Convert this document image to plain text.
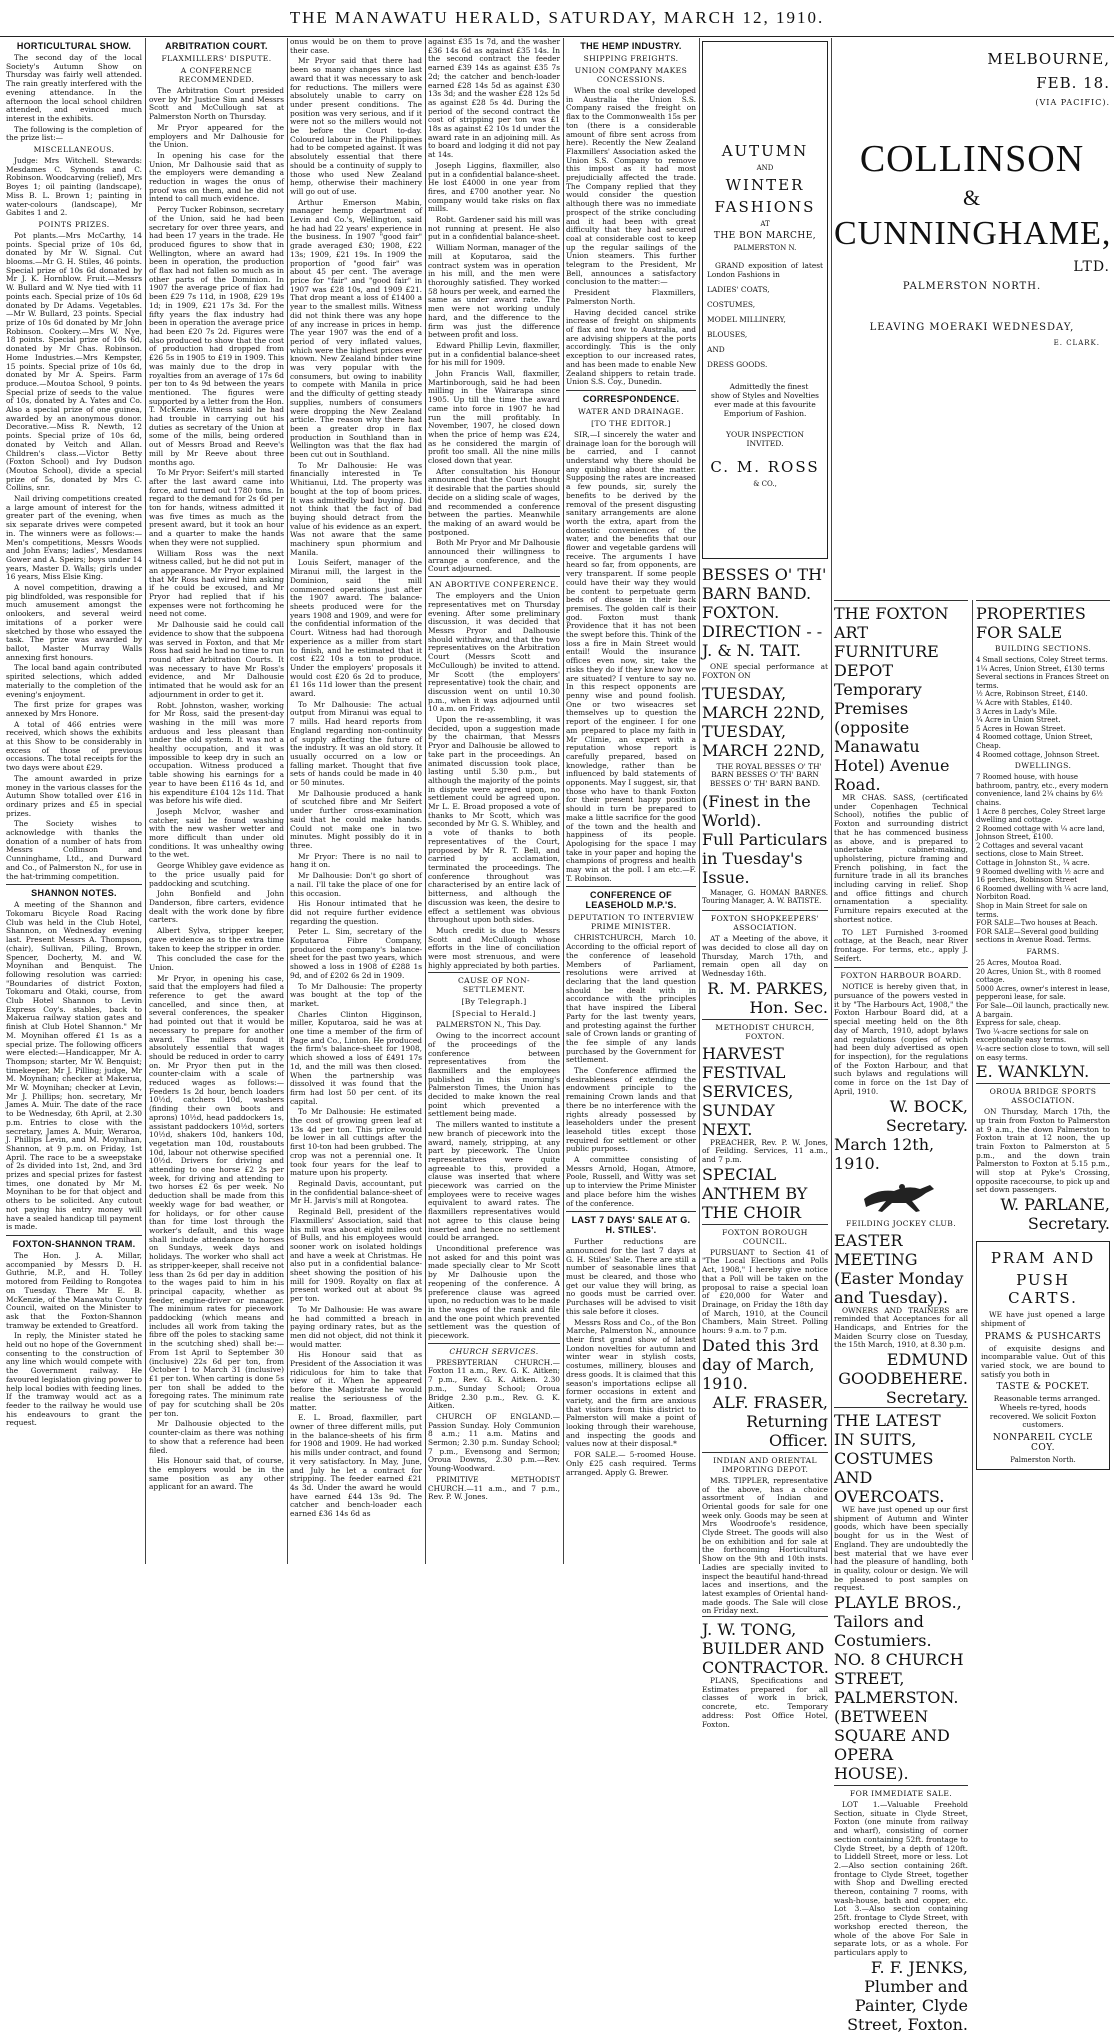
THE MANAWATU HERALD, SATURDAY, MARCH 12, 1910.
HORTICULTURAL SHOW.

The second day of the local Society's Autumn Show on Thursday was fairly well attended. The rain greatly interfered with the evening attendance. In the afternoon the local school children attended, and evinced much interest in the exhibits.

The following is the completion of the prize list:—

MISCELLANEOUS.

Judge: Mrs Witchell. Stewards: Mesdames C. Symonds and C. Robinson. Woodcarving (relief), Mrs Boyes 1; oil painting (landscape), Miss B. L. Brown 1; painting in water-colours (landscape), Mr Gabites 1 and 2.

POINTS PRIZES.

Pot plants.—Mrs McCarthy, 14 points. Special prize of 10s 6d, donated by Mr W. Signal. Cut blooms.—Mr G. H. Stiles, 46 points. Special prize of 10s 6d donated by Mr J. K. Hornblow. Fruit.—Messrs W. Bullard and W. Nye tied with 11 points each. Special prize of 10s 6d donated by Dr Adams. Vegetables.—Mr W. Bullard, 23 points. Special prize of 10s 6d donated by Mr John Robinson. Cookery.—Mrs W. Nye, 18 points. Special prize of 10s 6d, donated by Mr Chas. Robinson. Home Industries.—Mrs Kempster, 15 points. Special prize of 10s 6d, donated by Mr A. Speirs. Farm produce.—Moutoa School, 9 points. Special prize of seeds to the value of 10s, donated by A. Yates and Co. Also a special prize of one guinea, awarded by an anonymous donor. Decorative.—Miss R. Newth, 12 points. Special prize of 10s 6d, donated by Veitch and Allan. Children's class.—Victor Betty (Foxton School) and Ivy Dudson (Moutoa School), divide a special prize of 5s, donated by Mrs C. Collins, snr.

Nail driving competitions created a large amount of interest for the greater part of the evening, when six separate drives were competed in. The winners were as follows:—Men's competitions, Messrs Woods and John Evans; ladies', Mesdames Gower and A. Speirs; boys under 14 years, Master D. Walls; girls under 16 years, Miss Elsie King.

A novel competition, drawing a pig blindfolded, was responsible for much amusement amongst the onlookers, and several weird imitations of a porker were sketched by those who essayed the task. The prize was awarded by ballot, Master Murray Walls annexing first honours.

The local band again contributed spirited selections, which added materially to the completion of the evening's enjoyment.

The first prize for grapes was annexed by Mrs Honore.

A total of 466 entries were received, which shows the exhibits at this Show to be considerably in excess of those of previous occasions. The total receipts for the two days were about £29.

The amount awarded in prize money in the various classes for the Autumn Show totalled over £16 in ordinary prizes and £5 in special prizes.

The Society wishes to acknowledge with thanks the donation of a number of hats from Messrs Collinson and Cunninghame, Ltd., and Durward and Co., of Palmerston N., for use in the hat-trimming competition.

SHANNON NOTES.

A meeting of the Shannon and Tokomaru Bicycle Road Racing Club was held in the Club Hotel, Shannon, on Wednesday evening last. Present Messrs A. Thompson, (chair), Sullivan, Pilling, Brown, Spencer, Docherty, M. and W. Moynihan and Benquist. The following resolution was carried: "Boundaries of district Foxton, Tokomaru and Otaki, course, from Club Hotel Shannon to Levin Express Coy's. stables, back to Makerua railway station gates and finish at Club Hotel Shannon." Mr M. Moynihan offered £1 1s as a special prize. The following officers were elected:—Handicapper, Mr A. Thompson; starter, Mr W. Benquist; timekeeper, Mr J. Pilling; judge, Mr M. Moynihan; checker at Makerua, Mr W. Moynihan; checker at Levin, Mr J. Phillips; hon. secretary, Mr James A. Muir. The date of the race to be Wednesday, 6th April, at 2.30 p.m. Entries to close with the secretary, James A. Muir, Weraroa, J. Phillips Levin, and M. Moynihan, Shannon, at 9 p.m. on Friday, 1st April. The race to be a sweepstake of 2s divided into 1st, 2nd, and 3rd prizes and special prizes for fastest times, one donated by Mr M. Moynihan to be for that object and others to be solicited. Any cutout not paying his entry money will have a sealed handicap till payment is made.

FOXTON-SHANNON TRAM.

The Hon. J. A. Millar, accompanied by Messrs D. H. Guthrie, M.P., and H. Tolley motored from Feilding to Rongotea on Tuesday. There Mr E. B. McKenzie, of the Manawatu County Council, waited on the Minister to ask that the Foxton-Shannon tramway be extended to Greatford.

In reply, the Minister stated he held out no hope of the Government consenting to the construction of any line which would compete with the Government railway. He favoured legislation giving power to help local bodies with feeding lines. If the tramway would act as a feeder to the railway he would use his endeavours to grant the request.

ARBITRATION COURT.
FLAXMILLERS' DISPUTE.
A CONFERENCE RECOMMENDED.

The Arbitration Court presided over by Mr Justice Sim and Messrs Scott and McCullough sat at Palmerston North on Thursday.

Mr Pryor appeared for the employers and Mr Dalhousie for the Union.

In opening his case for the Union, Mr Dalhousie said that as the employers were demanding a reduction in wages the onus of proof was on them, and he did not intend to call much evidence.

Percy Tucker Robinson, secretary of the Union, said he had been secretary for over three years, and had been 17 years in the trade. He produced figures to show that in Wellington, where an award had been in operation, the production of flax had not fallen so much as in other parts of the Dominion. In 1907 the average price of flax had been £29 7s 11d, in 1908, £29 19s 1d; in 1909, £21 17s 3d. For the fifty years the flax industry had been in operation the average price had been £20 7s 2d. Figures were also produced to show that the cost of production had dropped from £26 5s in 1905 to £19 in 1909. This was mainly due to the drop in royalties from an average of 17s 6d per ton to 4s 9d between the years mentioned. The figures were supported by a letter from the Hon. T. McKenzie. Witness said he had had trouble in carrying out his duties as secretary of the Union at some of the mills, being ordered out of Messrs Broad and Reeve's mill by Mr Reeve about three months ago.

To Mr Pryor: Seifert's mill started after the last award came into force, and turned out 1780 tons. In regard to the demand for 2s 6d per ton for hands, witness admitted it was five times as much as the present award, but it took an hour and a quarter to make the hands when they were not supplied.

William Ross was the next witness called, but he did not put in an appearance. Mr Pryor explained that Mr Ross had wired him asking if he could be excused, and Mr Pryor had replied that if his expenses were not forthcoming he need not come.

Mr Dalhousie said he could call evidence to show that the subpoena was served in Foxton, and that Mr Ross had said he had no time to run round after Arbitration Courts. It was necessary to have Mr Ross's evidence, and Mr Dalhousie intimated that he would ask for an adjournment in order to get it.

Robt. Johnston, washer, working for Mr Ross, said the present-day washing in the mill was more arduous and less pleasant than under the old system. It was not a healthy occupation, and it was impossible to keep dry in such an occupation. Witness produced a table showing his earnings for a year to have been £116 4s 1d, and his expenditure £104 12s 11d. That was before his wife died.

Joseph McIvor, washer and catcher, said he found washing with the new washer wetter and more difficult than under old conditions. It was unhealthy owing to the wet.

George Whibley gave evidence as to the price usually paid for paddocking and scutching.

John Bonfield and John Danderson, fibre carters, evidence dealt with the work done by fibre carters.

Albert Sylva, stripper keeper, gave evidence as to the extra time taken to keep the stripper in order.

This concluded the case for the Union.

Mr Pryor, in opening his case, said that the employers had filed a reference to get the award cancelled, and since then, at several conferences, the speaker had pointed out that it would be necessary to prepare for another award. The millers found it absolutely essential that wages should be reduced in order to carry on. Mr Pryor then put in the counter-claim with a scale of reduced wages as follows:— Feeders 1s 2d hour, bench loaders 10½d, catchers 10d, washers (finding their own boots and aprons) 10½d, head paddockers 1s, assistant paddockers 10½d, sorters 10½d, shakers 10d, hankers 10d, vegetation man 10d, roustabouts 10d, labour not otherwise specified 10½d. Drivers for driving and attending to one horse £2 2s per week, for driving and attending to two horses £2 6s per week. No deduction shall be made from this weekly wage for bad weather, or for holidays, or for other cause than for time lost through the worker's default, and this wage shall include attendance to horses on Sundays, week days and holidays. The worker who shall act as stripper-keeper, shall receive not less than 2s 6d per day in addition to the wages paid to him in his principal capacity, whether as feeder, engine-driver or manager. The minimum rates for piecework paddocking (which means and includes all work from taking the fibre off the poles to stacking same in the scutching shed) shall be:—From 1st April to September 30 (inclusive) 22s 6d per ton, from October 1 to March 31 (inclusive) £1 per ton. When carting is done 5s per ton shall be added to the foregoing rates. The minimum rate of pay for scutching shall be 20s per ton.

Mr Dalhousie objected to the counter-claim as there was nothing to show that a reference had been filed.

His Honour said that, of course, the employers would be in the same position as any other applicant for an award. The

onus would be on them to prove their case.

Mr Pryor said that there had been so many changes since last award that it was necessary to ask for reductions. The millers were absolutely unable to carry on under present conditions. The position was very serious, and if it were not so the millers would not be before the Court to-day. Coloured labour in the Philippines had to be competed against. It was absolutely essential that there should be a continuity of supply to those who used New Zealand hemp, otherwise their machinery will go out of use.

Arthur Emerson Mabin, manager hemp department of Levin and Co.'s, Wellington, said he had had 22 years' experience in the business. In 1907 "good fair" grade averaged £30; 1908, £22 13s; 1909, £21 19s. In 1909 the proportion of "good fair" was about 45 per cent. The average price for "fair" and "good fair" in 1907 was £28 10s, and 1909 £21. That drop meant a loss of £1400 a year to the smallest mills. Witness did not think there was any hope of any increase in prices in hemp. The year 1907 was the end of a period of very inflated values, which were the highest prices ever known. New Zealand binder twine was very popular with the consumers, but owing to inability to compete with Manila in price and the difficulty of getting steady supplies, numbers of consumers were dropping the New Zealand article. The reason why there had been a greater drop in flax production in Southland than in Wellington was that the flax had been cut out in Southland.

To Mr Dalhousie: He was financially interested in Te Whitianui, Ltd. The property was bought at the top of boom prices. It was admittedly bad buying. Did not think that the fact of bad buying should detract from the value of his evidence as an expert. Was not aware that the same machinery spun phormium and Manila.

Louis Seifert, manager of the Miranui mill, the largest in the Dominion, said the mill commenced operations just after the 1907 award. The balance-sheets produced were for the years 1908 and 1909, and were for the confidential information of the Court. Witness had had thorough experience as a miller from start to finish, and he estimated that it cost £22 10s a ton to produce. Under the employers' proposals it would cost £20 6s 2d to produce, £1 16s 11d lower than the present award.

To Mr Dalhousie: The actual output from Miranui was equal to 7 mills. Had heard reports from England regarding non-continuity of supply affecting the future of the industry. It was an old story. It usually occurred on a low or falling market. Thought that five sets of hands could be made in 40 or 50 minutes.

Mr Dalhousie produced a hank of scutched fibre and Mr Seifert under further cross-examination said that he could make hands. Could not make one in two minutes. Might possibly do it in three.

Mr Pryor: There is no nail to hang it on.

Mr Dalhousie: Don't go short of a nail. I'll take the place of one for this occasion.

His Honour intimated that he did not require further evidence regarding the question.

Peter L. Sim, secretary of the Koputaroa Fibre Company, produced the company's balance-sheet for the past two years, which showed a loss in 1908 of £288 1s 9d, and of £202 6s 2d in 1909.

To Mr Dalhousie: The property was bought at the top of the market.

Charles Clinton Higginson, miller, Koputaroa, said he was at one time a member of the firm of Page and Co., Linton. He produced the firm's balance-sheet for 1908, which showed a loss of £491 17s 1d, and the mill was then closed. When the partnership was dissolved it was found that the firm had lost 50 per cent. of its capital.

To Mr Dalhousie: He estimated the cost of growing green leaf at 13s 4d per ton. This price would be lower in all cuttings after the first 10-ton had been grubbed. The crop was not a perennial one. It took four years for the leaf to mature upon his property.

Reginald Davis, accountant, put in the confidential balance-sheet of Mr H. Jarvis's mill at Rongotea.

Reginald Bell, president of the Flaxmillers' Association, said that his mill was about eight miles out of Bulls, and his employees would sooner work on isolated holdings and have a week at Christmas. He also put in a confidential balance-sheet showing the position of his mill for 1909. Royalty on flax at present worked out at about 9s per ton.

To Mr Dalhousie: He was aware he had committed a breach in paying ordinary rates, but as the men did not object, did not think it would matter.

His Honour said that as President of the Association it was ridiculous for him to take that view of it. When he appeared before the Magistrate he would realise the seriousness of the matter.

E. L. Broad, flaxmiller, part owner of three different mills, put in the balance-sheets of his firm for 1908 and 1909. He had worked his mills under contract, and found it very satisfactory. In May, June, and July he let a contract for stripping. The feeder earned £21 4s 3d. Under the award he would have earned £44 13s 9d. The catcher and bench-loader each earned £36 14s 6d as

against £35 1s 7d, and the washer £36 14s 6d as against £35 14s. In the second contract the feeder earned £39 14s as against £35 7s 2d; the catcher and bench-loader earned £28 14s 5d as against £30 13s 3d; and the washer £28 12s 5d as against £28 5s 4d. During the period of the second contract the cost of stripping per ton was £1 18s as against £2 10s 1d under the award rate in an adjoining mill. As to board and lodging it did not pay at 14s.

Joseph Liggins, flaxmiller, also put in a confidential balance-sheet. He lost £4000 in one year from fires, and £700 another year. No company would take risks on flax mills.

Robt. Gardener said his mill was not running at present. He also put in a confidential balance-sheet.

William Norman, manager of the mill at Koputaroa, said the contract system was in operation in his mill, and the men were thoroughly satisfied. They worked 58 hours per week, and earned the same as under award rate. The men were not working unduly hard, and the difference to the firm was just the difference between profit and loss.

Edward Phillip Levin, flaxmiller, put in a confidential balance-sheet for his mill for 1909.

John Francis Wall, flaxmiller, Martinborough, said he had been milling in the Wairarapa since 1905. Up till the time the award came into force in 1907 he had run the mill profitably. In November, 1907, he closed down when the price of hemp was £24, as he considered the margin of profit too small. All the nine mills closed down that year.

After consultation his Honour announced that the Court thought it desirable that the parties should decide on a sliding scale of wages, and recommended a conference between the parties. Meanwhile the making of an award would be postponed.

Both Mr Pryor and Mr Dalhousie announced their willingness to arrange a conference, and the Court adjourned.

AN ABORTIVE CONFERENCE.

The employers and the Union representatives met on Thursday evening. After some preliminary discussion, it was decided that Messrs Pryor and Dalhousie should withdraw, and that the two representatives on the Arbitration Court (Messrs Scott and McCullough) be invited to attend. Mr Scott (the employers' representative) took the chair, and discussion went on until 10.30 p.m., when it was adjourned until 10 a.m. on Friday.

Upon the re-assembling, it was decided, upon a suggestion made by the chairman, that Messrs Pryor and Dalhousie be allowed to take part in the proceedings. An animated discussion took place, lasting until 5.30 p.m., but although the majority of the points in dispute were agreed upon, no settlement could be agreed upon. Mr L. E. Broad proposed a vote of thanks to Mr Scott, which was seconded by Mr G. S. Whibley, and a vote of thanks to both representatives of the Court, proposed by Mr R. T. Bell, and carried by acclamation, terminated the proceedings. The conference throughout was characterised by an entire lack of bitterness, and although the discussion was keen, the desire to effect a settlement was obvious throughout upon both sides.

Much credit is due to Messrs Scott and McCullough whose efforts in the line of conciliation were most strenuous, and were highly appreciated by both parties.

CAUSE OF NON-SETTLEMENT.
[By Telegraph.]
[Special to Herald.]

PALMERSTON N., This Day.

Owing to the incorrect account of the proceedings of the conference between representatives from the flaxmillers and the employees published in this morning's Palmerston Times, the Union has decided to make known the real point which prevented a settlement being made.

The millers wanted to institute a new branch of piecework into the award, namely, stripping, at any part by piecework. The Union representatives were quite agreeable to this, provided a clause was inserted that where piecework was carried on the employees were to receive wages equivalent to award rates. The flaxmillers representatives would not agree to this clause being inserted and hence no settlement could be arranged.

Unconditional preference was not asked for and this point was made specially clear to Mr Scott by Mr Dalhousie upon the reopening of the conference. A preference clause was agreed upon, no reduction was to be made in the wages of the rank and file and the one point which prevented settlement was the question of piecework.

CHURCH SERVICES.

PRESBYTERIAN CHURCH.—Foxton 11 a.m., Rev. G. K. Aitken; 7 p.m., Rev. G. K. Aitken. 2.30 p.m., Sunday School; Oroua Bridge 2.30 p.m., Rev. G. K. Aitken.

CHURCH OF ENGLAND.—Passion Sunday. Holy Communion 8 a.m.; 11 a.m. Matins and Sermon; 2.30 p.m. Sunday School; 7 p.m., Evensong and Sermon; Oroua Downs, 2.30 p.m.—Rev. Young-Woodward.

PRIMITIVE METHODIST CHURCH.—11 a.m., and 7 p.m., Rev. P. W. Jones.

THE HEMP INDUSTRY.
SHIPPING FREIGHTS.
UNION COMPANY MAKES CONCESSIONS.

When the coal strike developed in Australia the Union S.S. Company raised the freight on flax to the Commonwealth 15s per ton (there is a considerable amount of fibre sent across from here). Recently the New Zealand Flaxmillers' Association asked the Union S.S. Company to remove this impost as it had most prejudicially affected the trade. The Company replied that they would consider the question although there was no immediate prospect of the strike concluding and it had been with great difficulty that they had secured coal at considerable cost to keep up the regular sailings of the Union steamers. This further telegram to the President, Mr Bell, announces a satisfactory conclusion to the matter:—

President Flaxmillers, Palmerston North.

Having decided cancel strike increase of freight on shipments of flax and tow to Australia, and are advising shippers at the ports accordingly. This is the only exception to our increased rates, and has been made to enable New Zealand shippers to retain trade. Union S.S. Coy., Dunedin.

CORRESPONDENCE.
WATER AND DRAINAGE.
[TO THE EDITOR.]

SIR,—I sincerely the water and drainage loan for the borough will be carried, and I cannot understand why there should be any quibbling about the matter. Supposing the rates are increased a few pounds, sir, surely the benefits to be derived by the removal of the present disgusting sanitary arrangements are alone worth the extra, apart from the domestic conveniences of the water, and the benefits that our flower and vegetable gardens will receive. The arguments I have heard so far, from opponents, are very transparent. If some people could have their way they would be content to perpetuate germ beds of disease in their back premises. The golden calf is their god. Foxton must thank Providence that it has not been the swept before this. Think of the loss a fire in Main Street would entail! Would the insurance offices even now, sir, take the risks they do if they knew how we are situated? I venture to say no. In this respect opponents are penny wise and pound foolish. One or two wiseacres set themselves up to question the report of the engineer. I for one am prepared to place my faith in Mr Climie, an expert with a reputation whose report is carefully prepared, based on knowledge, rather than be influenced by bald statements of opponents. May I suggest, sir, that those who have to thank Foxton for their present happy position should in turn be prepared to make a little sacrifice for the good of the town and the health and happiness of its people. Apologising for the space I may take in your paper and hoping the champions of progress and health may win at the poll. I am etc.—F. T. Robinson.

CONFERENCE OF LEASEHOLD M.P.'S.
DEPUTATION TO INTERVIEW PRIME MINISTER.

CHRISTCHURCH, March 10. According to the official report of the conference of leasehold Members of Parliament, resolutions were arrived at declaring that the land question should be dealt with in accordance with the principles that have inspired the Liberal Party for the last twenty years, and protesting against the further sale of Crown lands or granting of the fee simple of any lands purchased by the Government for settlement.

The Conference affirmed the desirableness of extending the endowment principle to the remaining Crown lands and that there be no interference with the rights already possessed by leaseholders under the present leasehold titles except those required for settlement or other public purposes.

A committee consisting of Messrs Arnold, Hogan, Atmore, Poole, Russell, and Witty was set up to interview the Prime Minister and place before him the wishes of the conference.

LAST 7 DAYS' SALE AT G. H. STILES'.

Further reductions are announced for the last 7 days at G. H. Stiles' Sale. There are still a number of seasonable lines that must be cleared, and those who get our value they will bring, as no goods must be carried over. Purchases will be advised to visit this sale before it closes.

Messrs Ross and Co., of the Bon Marche, Palmerston N., announce their first grand show of latest London novelties for autumn and winter wear in stylish costs, costumes, millinery, blouses and dress goods. It is claimed that this season's importations eclipse all former occasions in extent and variety, and the firm are anxious that visitors from this district to Palmerston will make a point of looking through their warehouse, and inspecting the goods and values now at their disposal.*

FOR SALE.— 5-roomed House. Only £25 cash required. Terms arranged. Apply G. Brewer.

AUTUMN
AND
WINTER
FASHIONS
AT
THE BON MARCHE,
PALMERSTON N.

GRAND exposition of latest London Fashions in

LADIES' COATS,
COSTUMES,
MODEL MILLINERY,
BLOUSES,
AND
DRESS GOODS.

Admittedly the finest show of Styles and Novelties ever made at this favourite Emporium of Fashion.

YOUR INSPECTION INVITED.
C. M. ROSS
& CO.,
BESSES O' TH' BARN BAND.
FOXTON.
DIRECTION - - J. & N. TAIT.

ONE special performance at FOXTON ON

TUESDAY, MARCH 22ND,
TUESDAY, MARCH 22ND,

THE ROYAL BESSES O' TH' BARN BESSES O' TH' BARN BESSES O' TH' BARN BAND.

(Finest in the World).
Full Particulars in Tuesday's Issue.

Manager, G. HOMAN BARNES. Touring Manager, A. W. BATISTE.

FOXTON SHOPKEEPERS' ASSOCIATION.

AT a Meeting of the above, it was decided to close all day on Thursday, March 17th, and remain open all day on Wednesday 16th.

R. M. PARKES, Hon. Sec.
METHODIST CHURCH, FOXTON.
HARVEST FESTIVAL SERVICES, SUNDAY NEXT.

PREACHER, Rev. P. W. Jones, of Feilding. Services, 11 a.m., and 7 p.m.

SPECIAL ANTHEM BY THE CHOIR
FOXTON BOROUGH COUNCIL.

PURSUANT to Section 41 of "The Local Elections and Polls Act, 1908," I hereby give notice that a Poll will be taken on the proposal to raise a special loan of £20,000 for Water and Drainage, on Friday the 18th day of March, 1910, at the Council Chambers, Main Street. Polling hours: 9 a.m. to 7 p.m.

Dated this 3rd day of March, 1910.
ALF. FRASER, Returning Officer.
INDIAN AND ORIENTAL IMPORTING DEPOT.

MRS. TIPPLER, representative of the above, has a choice assortment of Indian and Oriental goods for sale for one week only. Goods may be seen at Mrs Woodroofe's residence, Clyde Street. The goods will also be on exhibition and for sale at the forthcoming Horticultural Show on the 9th and 10th insts. Ladies are specially invited to inspect the beautiful hand-thread laces and insertions, and the latest examples of Oriental hand-made goods. The Sale will close on Friday next.

J. W. TONG,
BUILDER AND CONTRACTOR.

PLANS, Specifications and Estimates prepared for all classes of work in brick, concrete, etc. Temporary address: Post Office Hotel, Foxton.

MELBOURNE,
FEB. 18.
(VIA PACIFIC).
COLLINSON
&
CUNNINGHAME,
LTD.
PALMERSTON NORTH.
LEAVING MOERAKI WEDNESDAY,
E. CLARK.
THE FOXTON ART FURNITURE DEPOT
Temporary Premises (opposite Manawatu Hotel) Avenue Road.

MR CHAS. SASS, (certificated under Copenhagen Technical School), notifies the public of Foxton and surrounding district that he has commenced business as above, and is prepared to undertake cabinet-making, upholstering, picture framing and French polishing, in fact the furniture trade in all its branches including carving in relief. Shop and office fittings and church ornamentation a speciality. Furniture repairs executed at the shortest notice.

TO LET Furnished 3-roomed cottage, at the Beach, near River frontage. For terms, etc., apply J. Seifert.

FOXTON HARBOUR BOARD.

NOTICE is hereby given that, in pursuance of the powers vested in it by "The Harbours Act, 1908," the Foxton Harbour Board did, at a special meeting held on the 8th day of March, 1910, adopt bylaws and regulations (copies of which had been duly advertised as open for inspection), for the regulations of the Foxton Harbour, and that such bylaws and regulations will come in force on the 1st Day of April, 1910.

W. BOCK, Secretary.
March 12th, 1910.
FEILDING JOCKEY CLUB.
EASTER MEETING (Easter Monday and Tuesday).

OWNERS AND TRAINERS are reminded that Acceptances for all Handicaps, and Entries for the Maiden Scurry close on Tuesday, the 15th March, 1910, at 8.30 p.m.

EDMUND GOODBEHERE. Secretary.
THE LATEST
IN SUITS, COSTUMES AND OVERCOATS.

WE have just opened up our first shipment of Autumn and Winter goods, which have been specially bought for us in the West of England. They are undoubtedly the best material that we have ever had the pleasure of handling, both in quality, colour or design. We will be pleased to post samples on request.

PLAYLE BROS.,
Tailors and Costumiers.
NO. 8 CHURCH STREET, PALMERSTON.
(BETWEEN SQUARE AND OPERA HOUSE).
FOR IMMEDIATE SALE.

LOT 1.—Valuable Freehold Section, situate in Clyde Street, Foxton (one minute from railway and wharf), consisting of corner section containing 52ft. frontage to Clyde Street, by a depth of 120ft. to Liddell Street, more or less. Lot 2.—Also section containing 26ft. frontage to Clyde Street, together with Shop and Dwelling erected thereon, containing 7 rooms, with wash-house, bath and copper, etc. Lot 3.—Also section containing 25ft. frontage to Clyde Street, with workshop erected thereon, the whole of the above For Sale in separate lots, or as a whole. For particulars apply to

F. F. JENKS, Plumber and Painter, Clyde Street, Foxton.
PROPERTIES FOR SALE
BUILDING SECTIONS.
4 Small sections, Coley Street terms.
1¼ Acres, Union Street, £130 terms
Several sections in Frances Street on terms.
½ Acre, Robinson Street, £140.
¼ Acre with Stables, £140.
3 Acres in Lady's Mile.
¼ Acre in Union Street.
5 Acres in Howan Street.
4 Roomed cottage, Union Street, Cheap.
4 Roomed cottage, Johnson Street.
DWELLINGS.
7 Roomed house, with house bathroom, pantry, etc., every modern convenience, land 2¼ chains by 6½ chains.
1 Acre 8 perches, Coley Street large dwelling and cottage.
2 Roomed cottage with ¼ acre land, Johnson Street, £100.
2 Cottages and several vacant sections, close to Main Street.
Cottage in Johnston St., ¼ acre.
9 Roomed dwelling with ½ acre and 16 perches, Robinson Street
6 Roomed dwelling with ¼ acre land, Norbiton Road.
Shop in Main Street for sale on terms.
FOR SALE—Two houses at Beach.
FOR SALE—Several good building sections in Avenue Road. Terms.
FARMS.
25 Acres, Moutoa Road.
20 Acres, Union St., with 8 roomed cottage.
5000 Acres, owner's interest in lease, pepperoni lease, for sale.
For Sale—Oil launch, practically new. A bargain.
Express for sale, cheap.
Two ¼-acre sections for sale on exceptionally easy terms.
¼-acre section close to town, will sell on easy terms.
E. WANKLYN.
OROUA BRIDGE SPORTS ASSOCIATION.

ON Thursday, March 17th, the up train from Foxton to Palmerston at 9 a.m., the down Palmerston to Foxton train at 12 noon, the up train Foxton to Palmerston at 5 p.m., and the down train Palmerston to Foxton at 5.15 p.m., will stop at Pyke's Crossing, opposite racecourse, to pick up and set down passengers.

W. PARLANE, Secretary.
PRAM AND
PUSH CARTS.

WE have just opened a large shipment of

PRAMS & PUSHCARTS

of exquisite designs and incomparable value. Out of this varied stock, we are bound to satisfy you both in

TASTE & POCKET.

Reasonable terms arranged. Wheels re-tyred, hoods recovered. We solicit Foxton customers.

NONPAREIL CYCLE COY.
Palmerston North.
